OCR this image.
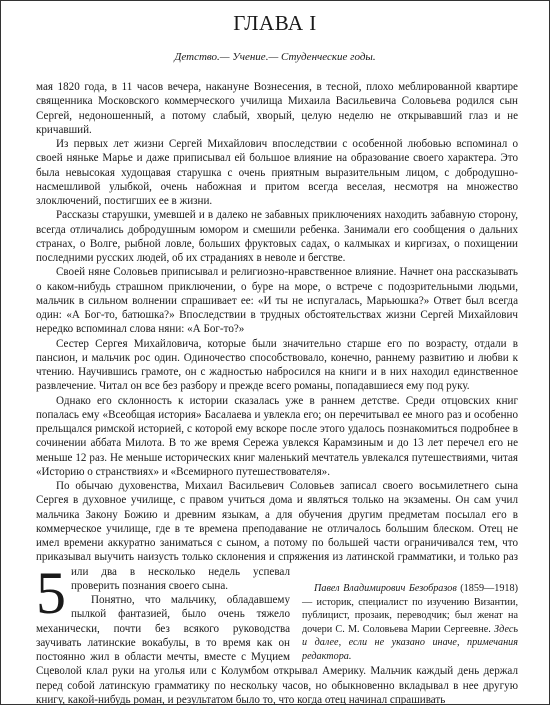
ГЛАВА I
Детство.— Учение.— Студенческие годы.
Павел Владимирович Безобразов (1859—1918) — историк, специалист по изучению Византии, публицист, прозаик, переводчик; был женат на дочери С. М. Соловьева Марии Сергеевне. Здесь и далее, если не указано иначе, примечания редактора.

5
мая 1820 года, в 11 часов вечера, накануне Вознесения, в тесной, плохо меблированной квартире священника Московского коммерческого училища Михаила Васильевича Соловьева родился сын Сергей, недоношенный, а потому слабый, хворый, целую неделю не открывавший глаз и не кричавший.

Из первых лет жизни Сергей Михайлович впоследствии с особенной любовью вспоминал о своей няньке Марье и даже приписывал ей большое влияние на образование своего характера. Это была невысокая худощавая старушка с очень приятным выразительным лицом, с добродушно-насмешливой улыбкой, очень набожная и притом всегда веселая, несмотря на множество злоключений, постигших ее в жизни.

Рассказы старушки, умевшей и в далеко не забавных приключениях находить забавную сторону, всегда отличались добродушным юмором и смешили ребенка. Занимали его сообщения о дальних странах, о Волге, рыбной ловле, больших фруктовых садах, о калмыках и киргизах, о похищении последними русских людей, об их страданиях в неволе и бегстве.

Своей няне Соловьев приписывал и религиозно-нравственное влияние. Начнет она рассказывать о каком-нибудь страшном приключении, о буре на море, о встрече с подозрительными людьми, мальчик в сильном волнении спрашивает ее: «И ты не испугалась, Марьюшка?» Ответ был всегда один: «А Бог-то, батюшка?» Впоследствии в трудных обстоятельствах жизни Сергей Михайлович нередко вспоминал слова няни: «А Бог-то?»

Сестер Сергея Михайловича, которые были значительно старше его по возрасту, отдали в пансион, и мальчик рос один. Одиночество способствовало, конечно, раннему развитию и любви к чтению. Научившись грамоте, он с жадностью набросился на книги и в них находил единственное развлечение. Читал он все без разбору и прежде всего романы, попадавшиеся ему под руку.

Однако его склонность к истории сказалась уже в раннем детстве. Среди отцовских книг попалась ему «Всеобщая история» Басалаева и увлекла его; он перечитывал ее много раз и особенно прельщался римской историей, с которой ему вскоре после этого удалось познакомиться подробнее в сочинении аббата Милота. В то же время Сережа увлекся Карамзиным и до 13 лет перечел его не меньше 12 раз. Не меньше исторических книг маленький мечтатель увлекался путешествиями, читая «Историю о странствиях» и «Всемирного путешествователя».

По обычаю духовенства, Михаил Васильевич Соловьев записал своего восьмилетнего сына Сергея в духовное училище, с правом учиться дома и являться только на экзамены. Он сам учил мальчика Закону Божию и древним языкам, а для обучения другим предметам посылал его в коммерческое училище, где в те времена преподавание не отличалось большим блеском. Отец не имел времени аккуратно заниматься с сыном, а потому по большей части ограничивался тем, что приказывал выучить наизусть только склонения и спряжения из латинской грамматики, и только раз или два в несколько недель успевал проверить познания своего сына.

Понятно, что мальчику, обладавшему пылкой фантазией, было очень тяжело механически, почти без всякого руководства заучивать латинские вокабулы, в то время как он постоянно жил в области мечты, вместе с Муцием Сцеволой клал руки на уголья или с Колумбом открывал Америку. Мальчик каждый день держал перед собой латинскую грамматику по нескольку часов, но обыкновенно вкладывал в нее другую книгу, какой-нибудь роман, и результатом было то, что когда отец начинал спрашивать
